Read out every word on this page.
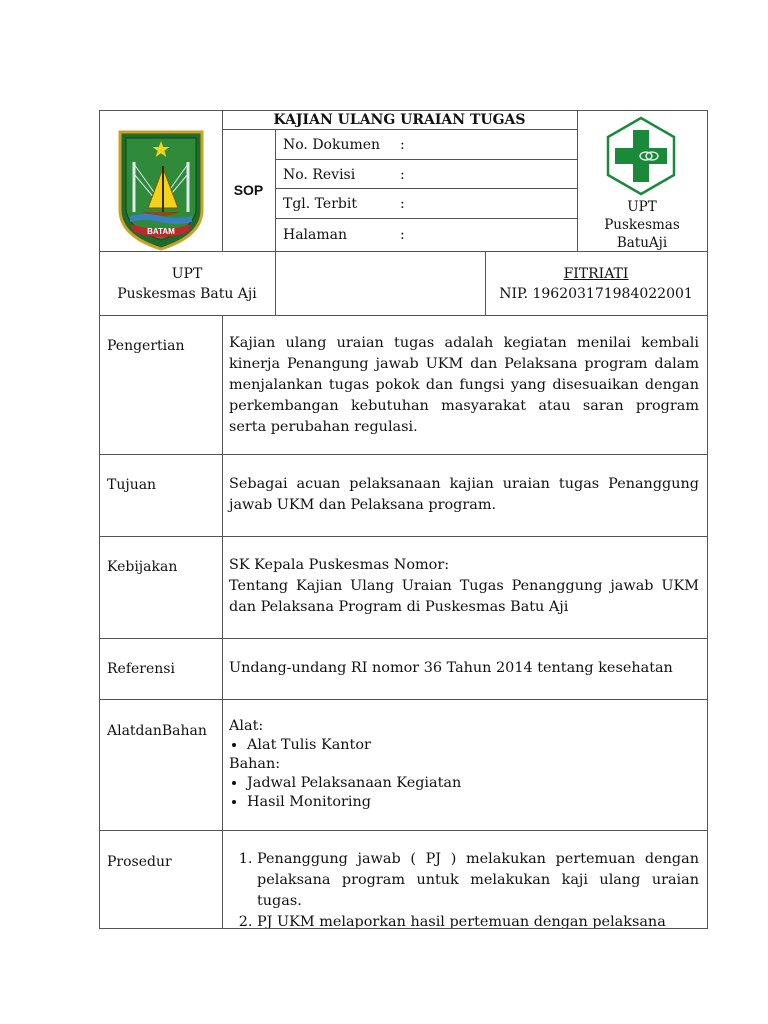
BATAM
KAJIAN ULANG URAIAN TUGAS
SOP
No. Dokumen :
No. Revisi	:
Tgl. Terbit	:
Halaman	:
UPT
Puskesmas
BatuAji
UPT
Puskesmas Batu Aji
FITRIATI
NIP. 196203171984022001
Pengertian	Kajian ulang uraian tugas adalah kegiatan menilai kembali
kinerja Penangung jawab UKM dan Pelaksana program dalam
menjalankan tugas pokok dan fungsi yang disesuaikan dengan
perkembangan kebutuhan masyarakat atau saran program
serta perubahan regulasi.
Tujuan	Sebagai acuan pelaksanaan kajian uraian tugas Penanggung
jawab UKM dan Pelaksana program.
Kebijakan	SK Kepala Puskesmas Nomor:
Tentang Kajian Ulang Uraian Tugas Penanggung jawab UKM
dan Pelaksana Program di Puskesmas Batu Aji
Referensi	Undang-undang RI nomor 36 Tahun 2014 tentang kesehatan
AlatdanBahan Alat:
• Alat Tulis Kantor
Bahan:
• Jadwal Pelaksanaan Kegiatan
• Hasil Monitoring
Prosedur
1.	Penanggung jawab ( PJ ) melakukan pertemuan dengan pelaksana program untuk melakukan kaji ulang uraian tugas.
2. PJ UKM melaporkan hasil pertemuan dengan pelaksana
